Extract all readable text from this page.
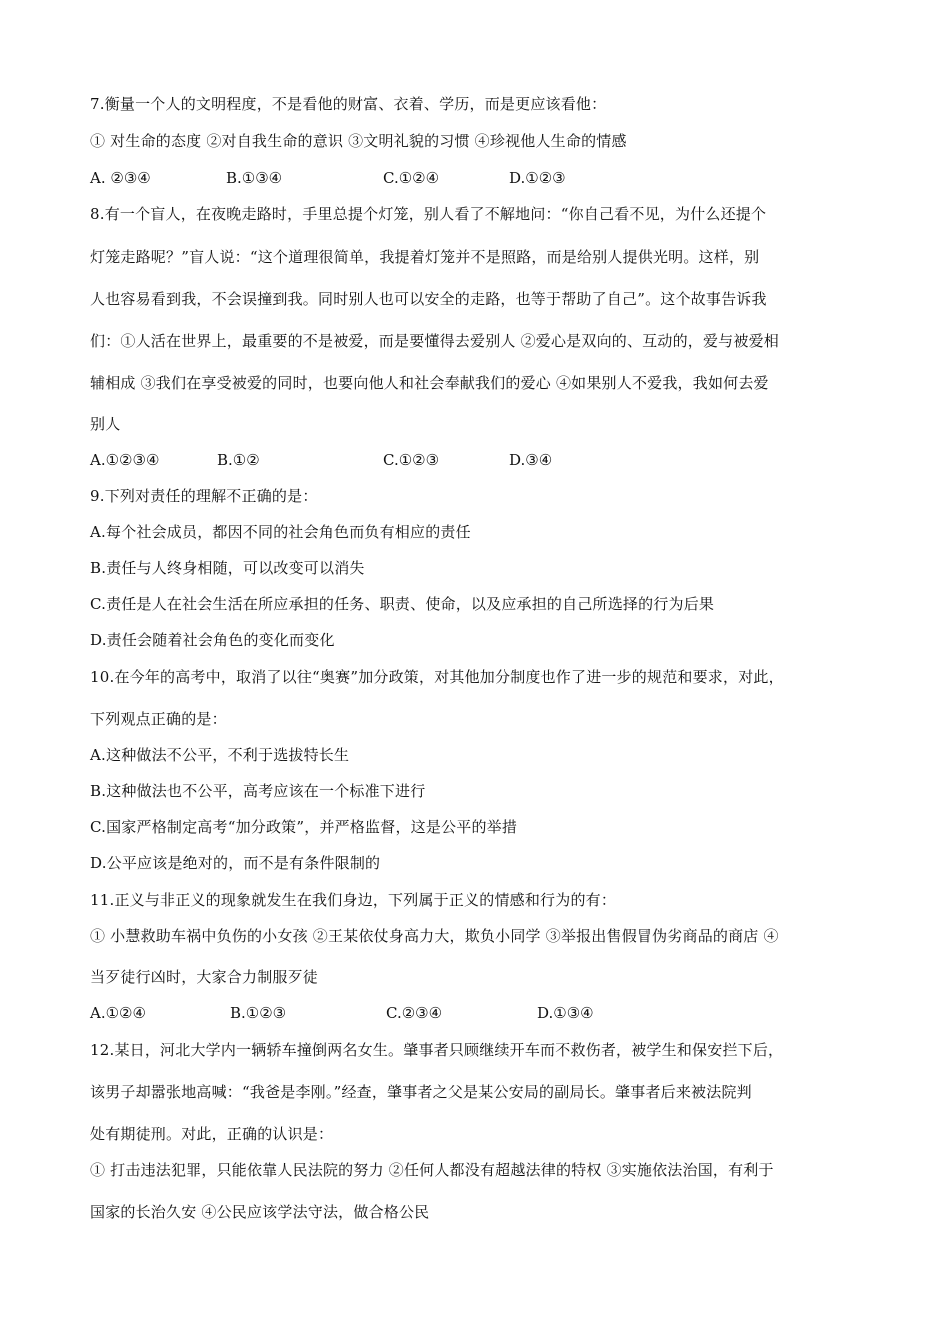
7.衡量一个人的文明程度，不是看他的财富、衣着、学历，而是更应该看他：
① 对生命的态度 ②对自我生命的意识 ③文明礼貌的习惯 ④珍视他人生命的情感
A. ②③④	B.①③④	C.①②④	D.①②③
8.有一个盲人，在夜晚走路时，手里总提个灯笼，别人看了不解地问：“你自己看不见，为什么还提个
灯笼走路呢？”盲人说：“这个道理很简单，我提着灯笼并不是照路，而是给别人提供光明。这样，别
人也容易看到我，不会误撞到我。同时别人也可以安全的走路，也等于帮助了自己”。这个故事告诉我
们：①人活在世界上，最重要的不是被爱，而是要懂得去爱别人 ②爱心是双向的、互动的，爱与被爱相
辅相成 ③我们在享受被爱的同时，也要向他人和社会奉献我们的爱心 ④如果别人不爱我，我如何去爱
别人
A.①②③④	B.①②	C.①②③	D.③④
9.下列对责任的理解不正确的是：
A.每个社会成员，都因不同的社会角色而负有相应的责任
B.责任与人终身相随，可以改变可以消失
C.责任是人在社会生活在所应承担的任务、职责、使命，以及应承担的自己所选择的行为后果
D.责任会随着社会角色的变化而变化
10.在今年的高考中，取消了以往“奥赛”加分政策，对其他加分制度也作了进一步的规范和要求，对此，
下列观点正确的是：
A.这种做法不公平，不利于选拔特长生
B.这种做法也不公平，高考应该在一个标准下进行
C.国家严格制定高考“加分政策”，并严格监督，这是公平的举措
D.公平应该是绝对的，而不是有条件限制的
11.正义与非正义的现象就发生在我们身边，下列属于正义的情感和行为的有：
① 小慧救助车祸中负伤的小女孩 ②王某依仗身高力大，欺负小同学 ③举报出售假冒伪劣商品的商店 ④
当歹徒行凶时，大家合力制服歹徒
A.①②④	B.①②③	C.②③④	D.①③④
12.某日，河北大学内一辆轿车撞倒两名女生。肇事者只顾继续开车而不救伤者，被学生和保安拦下后，
该男子却嚣张地高喊：“我爸是李刚。”经查，肇事者之父是某公安局的副局长。肇事者后来被法院判
处有期徒刑。对此，正确的认识是：
① 打击违法犯罪，只能依靠人民法院的努力 ②任何人都没有超越法律的特权 ③实施依法治国，有利于
国家的长治久安 ④公民应该学法守法，做合格公民
